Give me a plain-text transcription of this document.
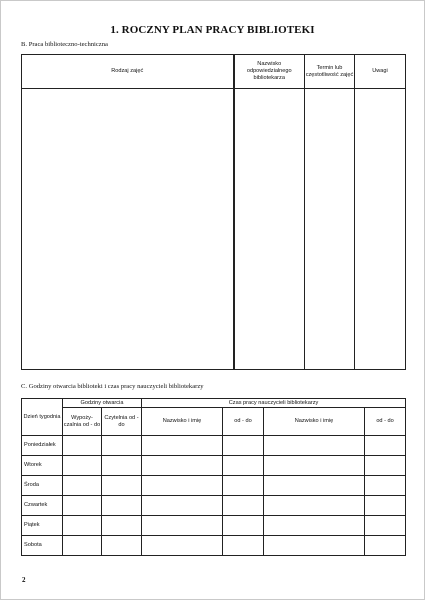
1. ROCZNY PLAN PRACY BIBLIOTEKI
B. Praca biblioteczno-techniczna
Rodzaj zajęć	Nazwisko odpowiedzialnego bibliotekarza	Termin lub częstotliwość zajęć	Uwagi

C. Godziny otwarcia biblioteki i czas pracy nauczycieli bibliotekarzy
Dzień tygodnia	Godziny otwarcia		Czas pracy nauczycieli bibliotekarzy			
	Wypoży- czalnia od - do	Czytelnia od - do	Nazwisko i imię	od - do	Nazwisko i imię	od - do
Poniedziałek						
Wtorek						
Środa						
Czwartek						
Piątek						
Sobota						
2
